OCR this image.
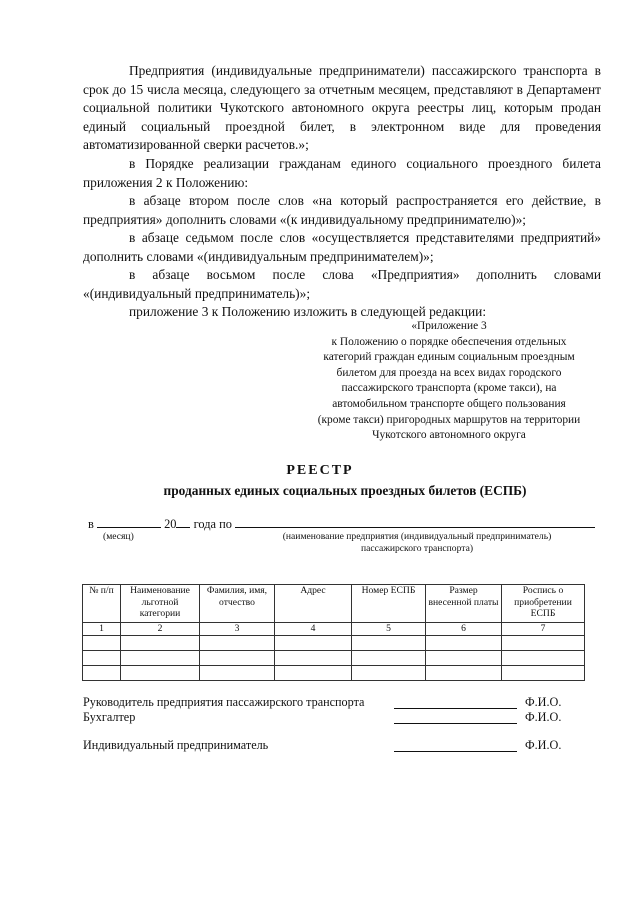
Предприятия (индивидуальные предприниматели) пассажирского транспорта в срок до 15 числа месяца, следующего за отчетным месяцем, представляют в Департамент социальной политики Чукотского автономного округа реестры лиц, которым продан единый социальный проездной билет, в электронном виде для проведения автоматизированной сверки расчетов.»;

в Порядке реализации гражданам единого социального проездного билета приложения 2 к Положению:

в абзаце втором после слов «на который распространяется его действие, в предприятия» дополнить словами «(к индивидуальному предпринимателю)»;

в абзаце седьмом после слов «осуществляется представителями предприятий» дополнить словами «(индивидуальным предпринимателем)»;

в абзаце восьмом после слова «Предприятия» дополнить словами «(индивидуальный предприниматель)»;

приложение 3 к Положению изложить в следующей редакции:

«Приложение 3
к Положению о порядке обеспечения отдельных
категорий граждан единым социальным проездным
билетом для проезда на всех видах городского
пассажирского транспорта (кроме такси), на
автомобильном транспорте общего пользования
(кроме такси) пригородных маршрутов на территории
Чукотского автономного округа
РЕЕСТР
проданных единых социальных проездных билетов (ЕСПБ)
в	20 года по
(месяц)	(наименование предприятия (индивидуальный предприниматель)
пассажирского транспорта)
№ п/п	Наименование льготной категории	Фамилия, имя, отчество	Адрес	Номер ЕСПБ	Размер внесенной платы	Роспись о приобретении ЕСПБ
1	2	3	4	5	6	7

Руководитель предприятия пассажирского транспорта	Ф.И.О.
Бухгалтер	Ф.И.О.
Индивидуальный предприниматель	Ф.И.О.
